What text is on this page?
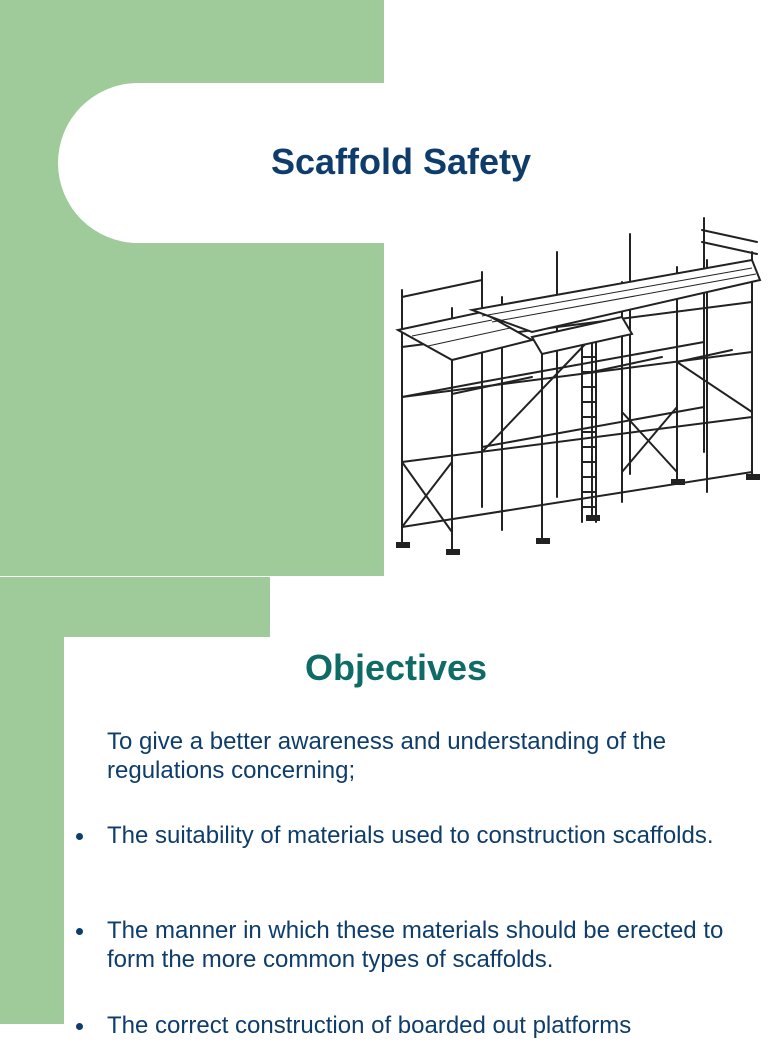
Scaffold Safety
Objectives
To give a better awareness and understanding of the regulations concerning;
The suitability of materials used to construction scaffolds.
The manner in which these materials should be erected to form the more common types of scaffolds.
The correct construction of boarded out platforms
